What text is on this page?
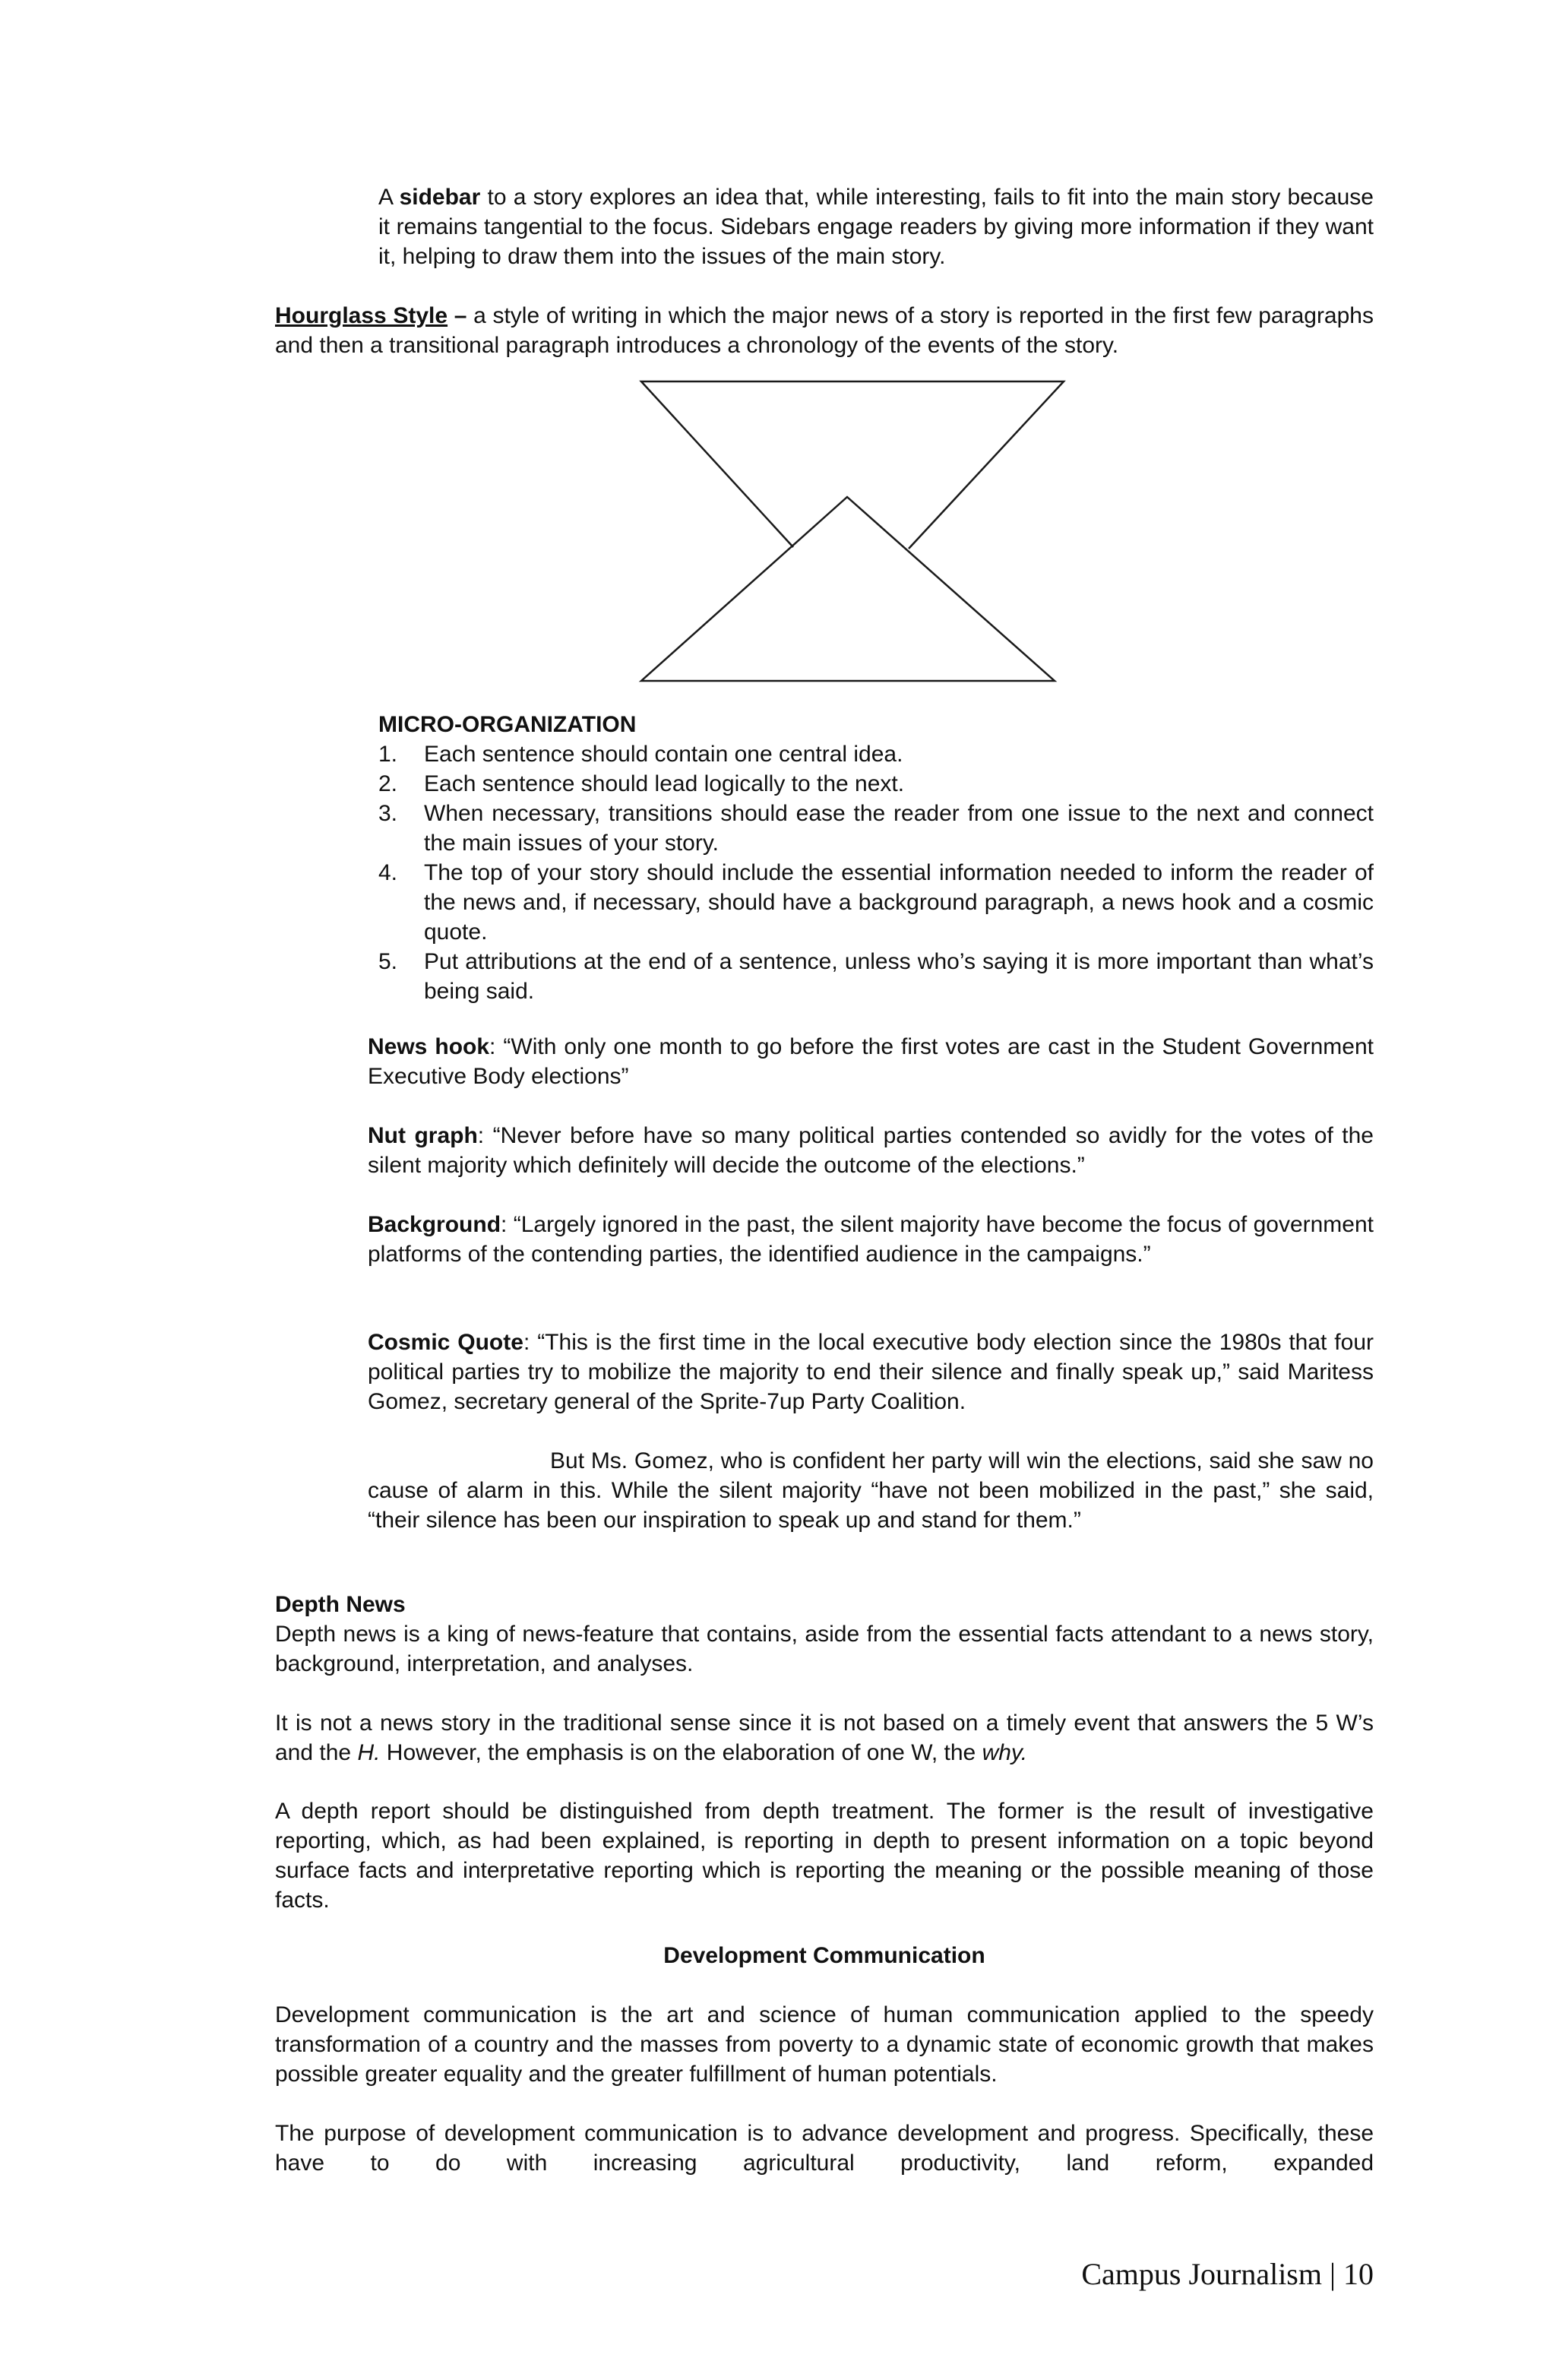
A sidebar to a story explores an idea that, while interesting, fails to fit into the main story because it remains tangential to the focus. Sidebars engage readers by giving more information if they want it, helping to draw them into the issues of the main story.

Hourglass Style – a style of writing in which the major news of a story is reported in the first few paragraphs and then a transitional paragraph introduces a chronology of the events of the story.

MICRO-ORGANIZATION

1. Each sentence should contain one central idea.
2. Each sentence should lead logically to the next.
3. When necessary, transitions should ease the reader from one issue to the next and connect the main issues of your story.
4. The top of your story should include the essential information needed to inform the reader of the news and, if necessary, should have a background paragraph, a news hook and a cosmic quote.
5. Put attributions at the end of a sentence, unless who’s saying it is more important than what’s being said.

News hook: “With only one month to go before the first votes are cast in the Student Government Executive Body elections”

Nut graph: “Never before have so many political parties contended so avidly for the votes of the silent majority which definitely will decide the outcome of the elections.”

Background: “Largely ignored in the past, the silent majority have become the focus of government platforms of the contending parties, the identified audience in the campaigns.”

Cosmic Quote: “This is the first time in the local executive body election since the 1980s that four political parties try to mobilize the majority to end their silence and finally speak up,” said Maritess Gomez, secretary general of the Sprite-7up Party Coalition.

But Ms. Gomez, who is confident her party will win the elections, said she saw no cause of alarm in this. While the silent majority “have not been mobilized in the past,” she said, “their silence has been our inspiration to speak up and stand for them.”

Depth News

Depth news is a king of news-feature that contains, aside from the essential facts attendant to a news story, background, interpretation, and analyses.

It is not a news story in the traditional sense since it is not based on a timely event that answers the 5 W’s and the H. However, the emphasis is on the elaboration of one W, the why.

A depth report should be distinguished from depth treatment. The former is the result of investigative reporting, which, as had been explained, is reporting in depth to present information on a topic beyond surface facts and interpretative reporting which is reporting the meaning or the possible meaning of those facts.

Development Communication

Development communication is the art and science of human communication applied to the speedy transformation of a country and the masses from poverty to a dynamic state of economic growth that makes possible greater equality and the greater fulfillment of human potentials.

The purpose of development communication is to advance development and progress. Specifically, these have to do with increasing agricultural productivity, land reform, expanded

Campus Journalism | 10
